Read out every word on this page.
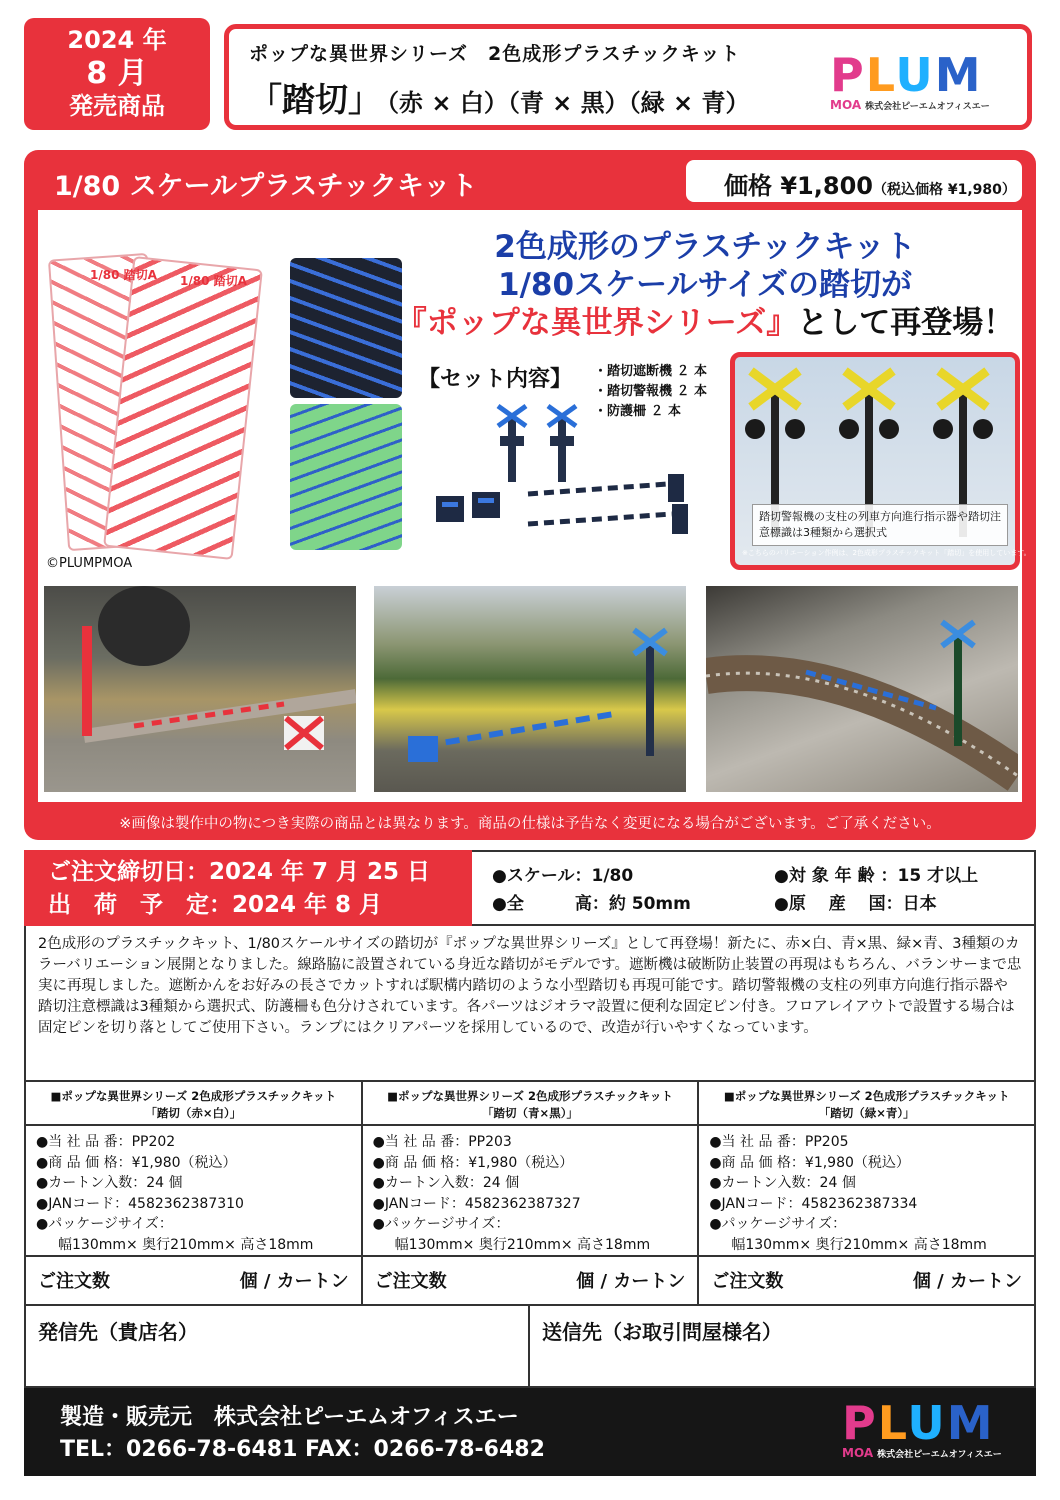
2024 年
8 月
発売商品
ポップな異世界シリーズ　2色成形プラスチックキット
「踏切」 （赤 × 白）（青 × 黒）（緑 × 青）
PLUM
MOA 株式会社ピーエムオフィスエー
1/80 スケールプラスチックキット	価格 ¥1,800（税込価格 ¥1,980）
1/80 踏切A 1/80 踏切A
©PLUMPMOA
2色成形のプラスチックキット
1/80スケールサイズの踏切が
『ポップな異世界シリーズ』として再登場！
【セット内容】 ・踏切遮断機 ２ 本
・踏切警報機 ２ 本
・防護柵 ２ 本
踏切警報機の支柱の列車方向進行指示器や踏切注意標識は3種類から選択式
※こちらのバリエーション作例は、2色成形プラスチックキット「踏切」を使用しています。
※画像は製作中の物につき実際の商品とは異なります。商品の仕様は予告なく変更になる場合がございます。ご了承ください。
ご注文締切日：2024 年 7 月 25 日
出　荷　予　定：2024 年 8 月
●スケール：1/80	●対 象 年 齢 ：15 才以上
●全　　　高：約 50mm	●原　 産　 国：日本
2色成形のプラスチックキット、1/80スケールサイズの踏切が『ポップな異世界シリーズ』として再登場！新たに、赤×白、青×黒、緑×青、3種類のカラーバリエーション展開となりました。線路脇に設置されている身近な踏切がモデルです。遮断機は破断防止装置の再現はもちろん、バランサーまで忠実に再現しました。遮断かんをお好みの長さでカットすれば駅構内踏切のような小型踏切も再現可能です。踏切警報機の支柱の列車方向進行指示器や踏切注意標識は3種類から選択式、防護柵も色分けされています。各パーツはジオラマ設置に便利な固定ピン付き。フロアレイアウトで設置する場合は固定ピンを切り落としてご使用下さい。ランプにはクリアパーツを採用しているので、改造が行いやすくなっています。
■ポップな異世界シリーズ 2色成形プラスチックキット
「踏切（赤×白）」
●当 社 品 番：PP202
●商 品 価 格：¥1,980（税込）
●カートン入数：24 個
●JANコード：4582362387310
●パッケージサイズ：
幅130mm× 奥行210mm× 高さ18mm
ご注文数	個 / カートン
■ポップな異世界シリーズ 2色成形プラスチックキット
「踏切（青×黒）」
●当 社 品 番：PP203
●商 品 価 格：¥1,980（税込）
●カートン入数：24 個
●JANコード：4582362387327
●パッケージサイズ：
幅130mm× 奥行210mm× 高さ18mm
ご注文数	個 / カートン
■ポップな異世界シリーズ 2色成形プラスチックキット
「踏切（緑×青）」
●当 社 品 番：PP205
●商 品 価 格：¥1,980（税込）
●カートン入数：24 個
●JANコード：4582362387334
●パッケージサイズ：
幅130mm× 奥行210mm× 高さ18mm
ご注文数	個 / カートン
発信先（貴店名）	送信先（お取引問屋様名）
製造・販売元　株式会社ピーエムオフィスエー
TEL：0266-78-6481 FAX：0266-78-6482	PLUM
MOA 株式会社ピーエムオフィスエー
